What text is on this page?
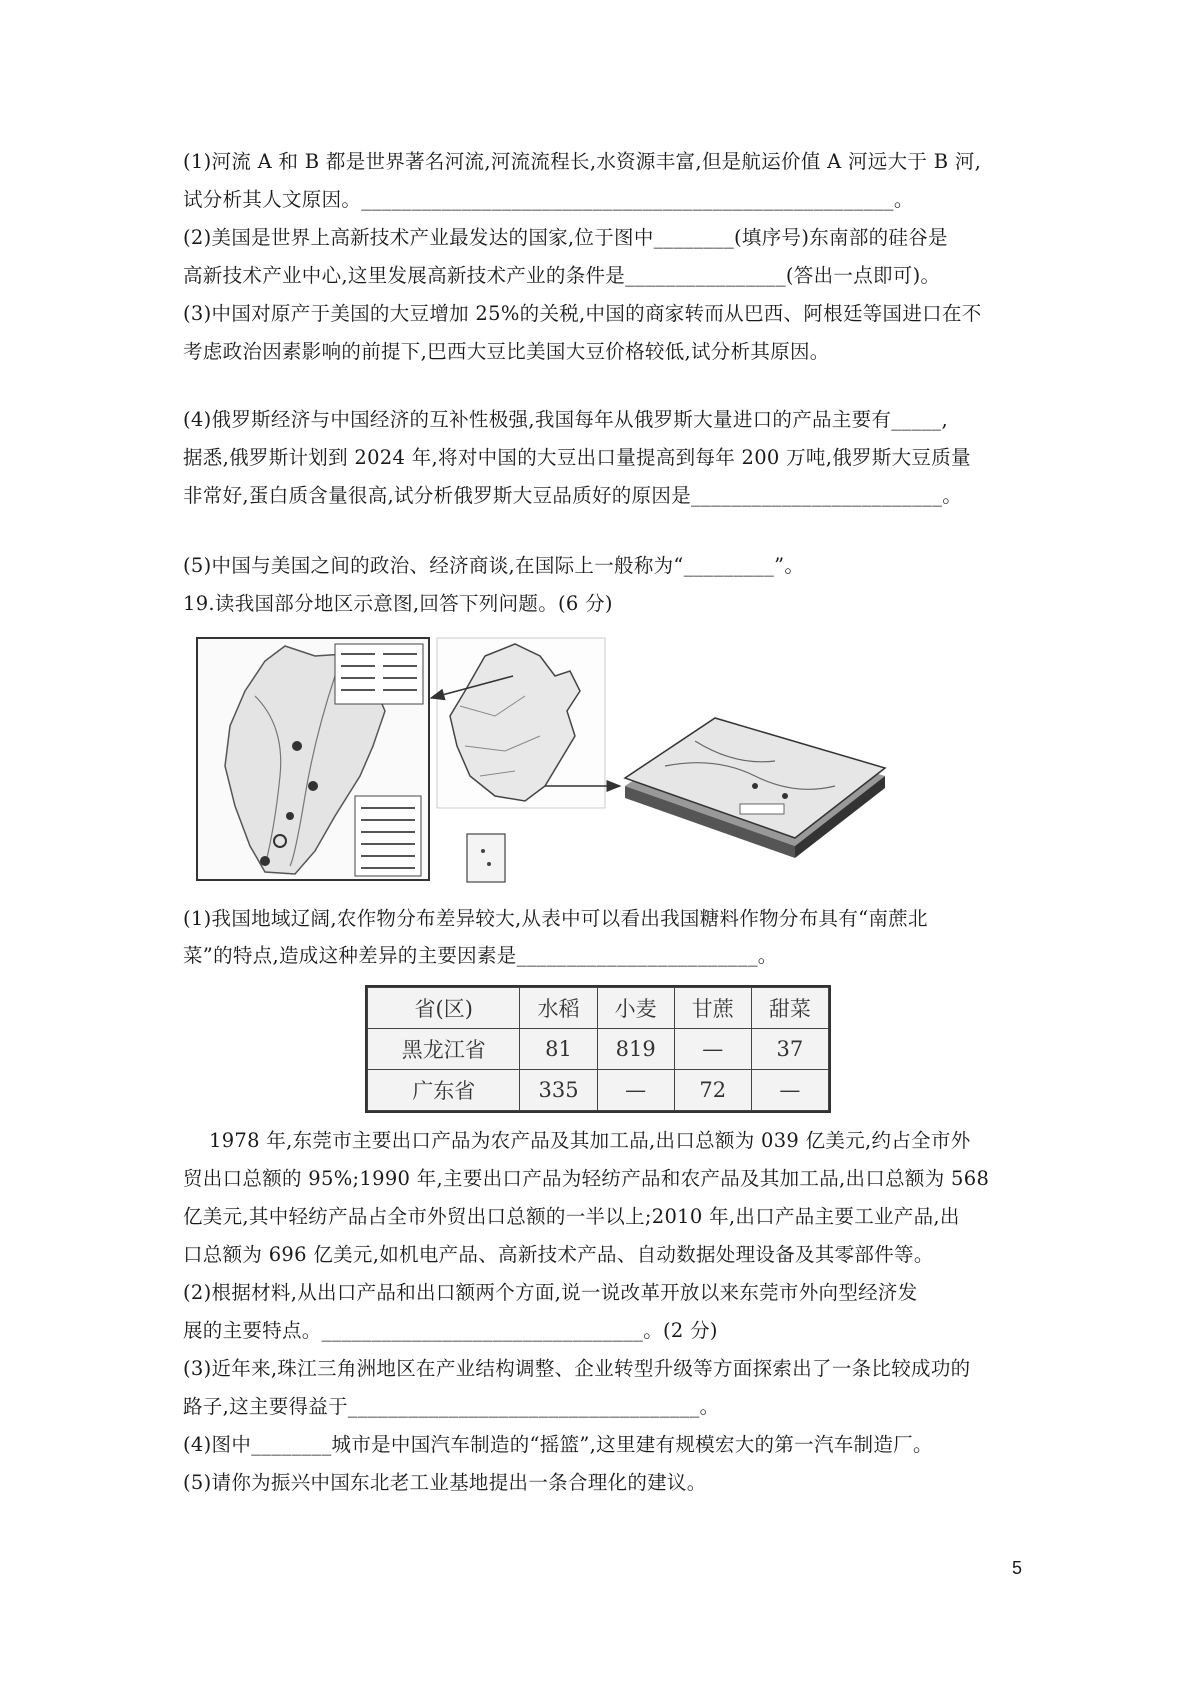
(1)河流 A 和 B 都是世界著名河流,河流流程长,水资源丰富,但是航运价值 A 河远大于 B 河,
试分析其人文原因。_____________________________________________________。
(2)美国是世界上高新技术产业最发达的国家,位于图中________(填序号)东南部的硅谷是
高新技术产业中心,这里发展高新技术产业的条件是________________(答出一点即可)。
(3)中国对原产于美国的大豆增加 25%的关税,中国的商家转而从巴西、阿根廷等国进口在不
考虑政治因素影响的前提下,巴西大豆比美国大豆价格较低,试分析其原因。
(4)俄罗斯经济与中国经济的互补性极强,我国每年从俄罗斯大量进口的产品主要有_____,
据悉,俄罗斯计划到 2024 年,将对中国的大豆出口量提高到每年 200 万吨,俄罗斯大豆质量
非常好,蛋白质含量很高,试分析俄罗斯大豆品质好的原因是_________________________。
(5)中国与美国之间的政治、经济商谈,在国际上一般称为“_________”。
19.读我国部分地区示意图,回答下列问题。(6 分)
(1)我国地域辽阔,农作物分布差异较大,从表中可以看出我国糖料作物分布具有“南蔗北
菜”的特点,造成这种差异的主要因素是________________________。
省(区)	水稻	小麦	甘蔗	甜菜
黑龙江省	81	819	—	37
广东省	335	—	72	—
1978 年,东莞市主要出口产品为农产品及其加工品,出口总额为 039 亿美元,约占全市外
贸出口总额的 95%;1990 年,主要出口产品为轻纺产品和农产品及其加工品,出口总额为 568
亿美元,其中轻纺产品占全市外贸出口总额的一半以上;2010 年,出口产品主要工业产品,出
口总额为 696 亿美元,如机电产品、高新技术产品、自动数据处理设备及其零部件等。
(2)根据材料,从出口产品和出口额两个方面,说一说改革开放以来东莞市外向型经济发
展的主要特点。________________________________。(2 分)
(3)近年来,珠江三角洲地区在产业结构调整、企业转型升级等方面探索出了一条比较成功的
路子,这主要得益于___________________________________。
(4)图中________城市是中国汽车制造的“摇篮”,这里建有规模宏大的第一汽车制造厂。
(5)请你为振兴中国东北老工业基地提出一条合理化的建议。
5
